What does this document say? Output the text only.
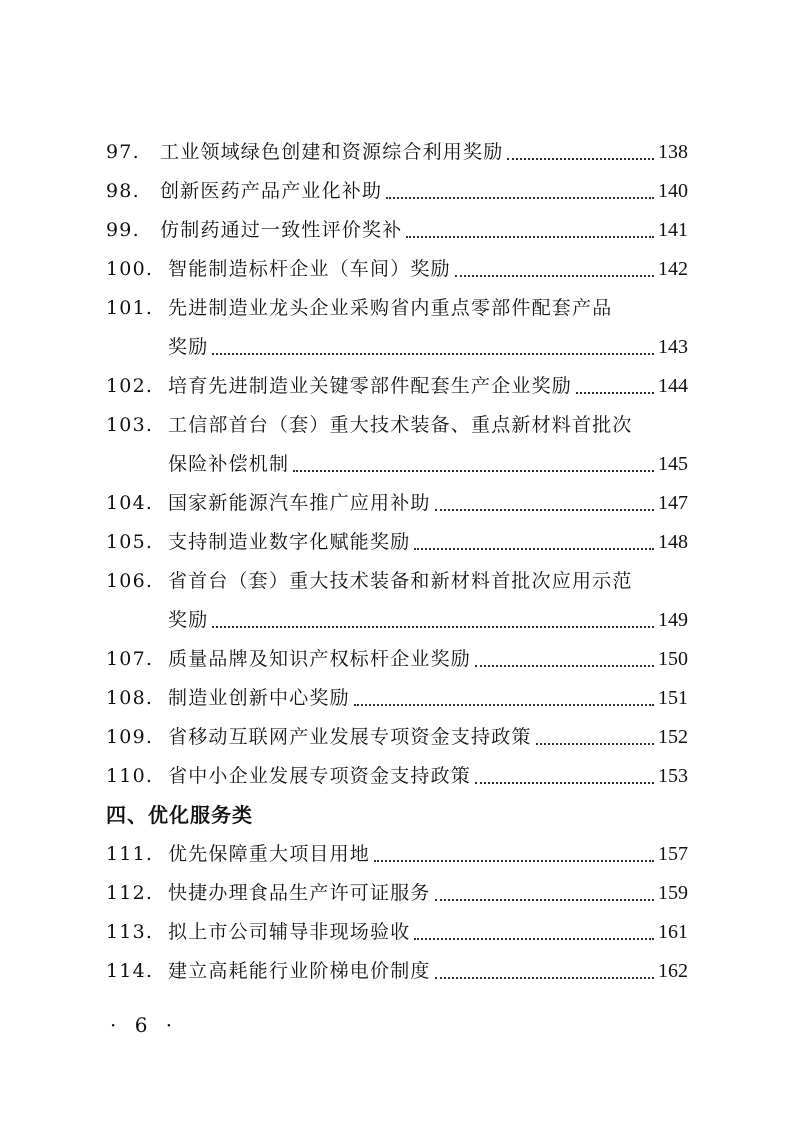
97.	工业领域绿色创建和资源综合利用奖励	138
98.	创新医药产品产业化补助	140
99.	仿制药通过一致性评价奖补	141
100. 智能制造标杆企业（车间）奖励	142
101. 先进制造业龙头企业采购省内重点零部件配套产品
奖励	143
102. 培育先进制造业关键零部件配套生产企业奖励	144
103. 工信部首台（套）重大技术装备、重点新材料首批次
保险补偿机制	145
104. 国家新能源汽车推广应用补助	147
105. 支持制造业数字化赋能奖励	148
106. 省首台（套）重大技术装备和新材料首批次应用示范
奖励	149
107. 质量品牌及知识产权标杆企业奖励	150
108. 制造业创新中心奖励	151
109. 省移动互联网产业发展专项资金支持政策	152
110. 省中小企业发展专项资金支持政策	153
四、优化服务类
111. 优先保障重大项目用地	157
112. 快捷办理食品生产许可证服务	159
113. 拟上市公司辅导非现场验收	161
114. 建立高耗能行业阶梯电价制度	162
· 6 ·
